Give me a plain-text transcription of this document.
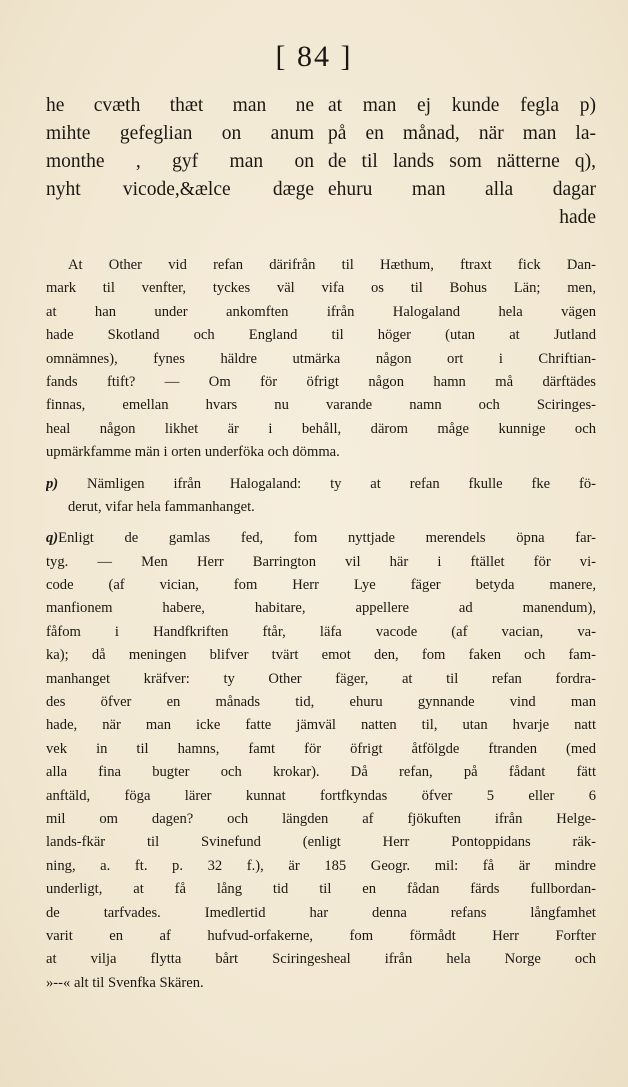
[ 84 ]
he cvæth thæt man ne
mihte gefeglian on anum
monthe , gyf man on
nyht vicode,&ælce dæge
at man ej kunde fegla p)
på en månad, när man la-
de til lands som nätterne q),
ehuru man alla dagar
hade
At Other vid refan därifrån til Hæthum, ftraxt fick Dan-
mark til venfter, tyckes väl vifa os til Bohus Län; men,
at han under ankomften ifrån Halogaland hela vägen
hade Skotland och England til höger (utan at Jutland
omnämnes), fynes häldre utmärka någon ort i Chriftian-
fands ftift? — Om för öfrigt någon hamn må därftädes
finnas, emellan hvars nu varande namn och Sciringes-
heal någon likhet är i behåll, därom måge kunnige och
upmärkfamme män i orten underföka och dömma.
p) Nämligen ifrån Halogaland: ty at refan fkulle fke fö-
derut, vifar hela fammanhanget.
q)Enligt de gamlas fed, fom nyttjade merendels öpna far-
tyg. — Men Herr Barrington vil här i ftället för vi-
code (af vician, fom Herr Lye fäger betyda manere,
manfionem habere, habitare, appellere ad manendum),
fåfom i Handfkriften ftår, läfa vacode (af vacian, va-
ka); då meningen blifver tvärt emot den, fom faken och fam-
manhanget kräfver: ty Other fäger, at til refan fordra-
des öfver en månads tid, ehuru gynnande vind man
hade, när man icke fatte jämväl natten til, utan hvarje natt
vek in til hamns, famt för öfrigt åtfölgde ftranden (med
alla fina bugter och krokar). Då refan, på fådant fätt
anftäld, föga lärer kunnat fortfkyndas öfver 5 eller 6
mil om dagen? och längden af fjökuften ifrån Helge-
lands-fkär til Svinefund (enligt Herr Pontoppidans räk-
ning, a. ft. p. 32 f.), är 185 Geogr. mil: få är mindre
underligt, at få lång tid til en fådan färds fullbordan-
de tarfvades. Imedlertid har denna refans långfamhet
varit en af hufvud-orfakerne, fom förmådt Herr Forfter
at vilja flytta bårt Sciringesheal ifrån hela Norge och
»--« alt til Svenfka Skären.
